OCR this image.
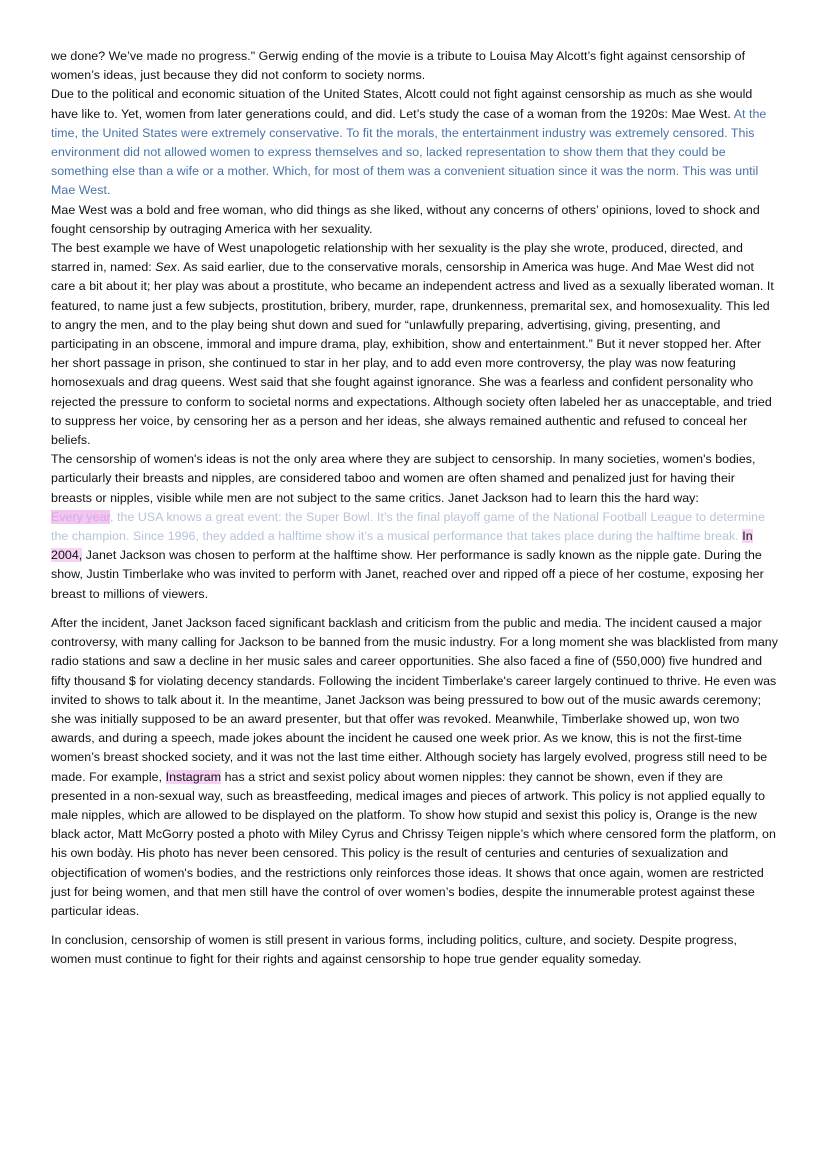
we done? We’ve made no progress." Gerwig ending of the movie is a tribute to Louisa May Alcott’s fight against censorship of women’s ideas, just because they did not conform to society norms.

Due to the political and economic situation of the United States, Alcott could not fight against censorship as much as she would have like to. Yet, women from later generations could, and did. Let’s study the case of a woman from the 1920s: Mae West. At the time, the United States were extremely conservative. To fit the morals, the entertainment industry was extremely censored. This environment did not allowed women to express themselves and so, lacked representation to show them that they could be something else than a wife or a mother. Which, for most of them was a convenient situation since it was the norm. This was until Mae West.

Mae West was a bold and free woman, who did things as she liked, without any concerns of others’ opinions, loved to shock and fought censorship by outraging America with her sexuality.

The best example we have of West unapologetic relationship with her sexuality is the play she wrote, produced, directed, and starred in, named: Sex. As said earlier, due to the conservative morals, censorship in America was huge. And Mae West did not care a bit about it; her play was about a prostitute, who became an independent actress and lived as a sexually liberated woman. It featured, to name just a few subjects, prostitution, bribery, murder, rape, drunkenness, premarital sex, and homosexuality. This led to angry the men, and to the play being shut down and sued for “unlawfully preparing, advertising, giving, presenting, and participating in an obscene, immoral and impure drama, play, exhibition, show and entertainment.” But it never stopped her. After her short passage in prison, she continued to star in her play, and to add even more controversy, the play was now featuring homosexuals and drag queens. West said that she fought against ignorance. She was a fearless and confident personality who rejected the pressure to conform to societal norms and expectations. Although society often labeled her as unacceptable, and tried to suppress her voice, by censoring her as a person and her ideas, she always remained authentic and refused to conceal her beliefs.

The censorship of women's ideas is not the only area where they are subject to censorship. In many societies, women's bodies, particularly their breasts and nipples, are considered taboo and women are often shamed and penalized just for having their breasts or nipples, visible while men are not subject to the same critics. Janet Jackson had to learn this the hard way:

Every year, the USA knows a great event: the Super Bowl. It’s the final playoff game of the National Football League to determine the champion. Since 1996, they added a halftime show it’s a musical performance that takes place during the halftime break. In 2004, Janet Jackson was chosen to perform at the halftime show. Her performance is sadly known as the nipple gate. During the show, Justin Timberlake who was invited to perform with Janet, reached over and ripped off a piece of her costume, exposing her breast to millions of viewers.

After the incident, Janet Jackson faced significant backlash and criticism from the public and media. The incident caused a major controversy, with many calling for Jackson to be banned from the music industry. For a long moment she was blacklisted from many radio stations and saw a decline in her music sales and career opportunities. She also faced a fine of (550,000) five hundred and fifty thousand $ for violating decency standards. Following the incident Timberlake's career largely continued to thrive. He even was invited to shows to talk about it. In the meantime, Janet Jackson was being pressured to bow out of the music awards ceremony; she was initially supposed to be an award presenter, but that offer was revoked. Meanwhile, Timberlake showed up, won two awards, and during a speech, made jokes abount the incident he caused one week prior. As we know, this is not the first-time women’s breast shocked society, and it was not the last time either. Although society has largely evolved, progress still need to be made. For example, Instagram has a strict and sexist policy about women nipples: they cannot be shown, even if they are presented in a non-sexual way, such as breastfeeding, medical images and pieces of artwork. This policy is not applied equally to male nipples, which are allowed to be displayed on the platform. To show how stupid and sexist this policy is, Orange is the new black actor, Matt McGorry posted a photo with Miley Cyrus and Chrissy Teigen nipple’s which where censored form the platform, on his own bodày. His photo has never been censored. This policy is the result of centuries and centuries of sexualization and objectification of women's bodies, and the restrictions only reinforces those ideas. It shows that once again, women are restricted just for being women, and that men still have the control of over women’s bodies, despite the innumerable protest against these particular ideas.

In conclusion, censorship of women is still present in various forms, including politics, culture, and society. Despite progress, women must continue to fight for their rights and against censorship to hope true gender equality someday.
